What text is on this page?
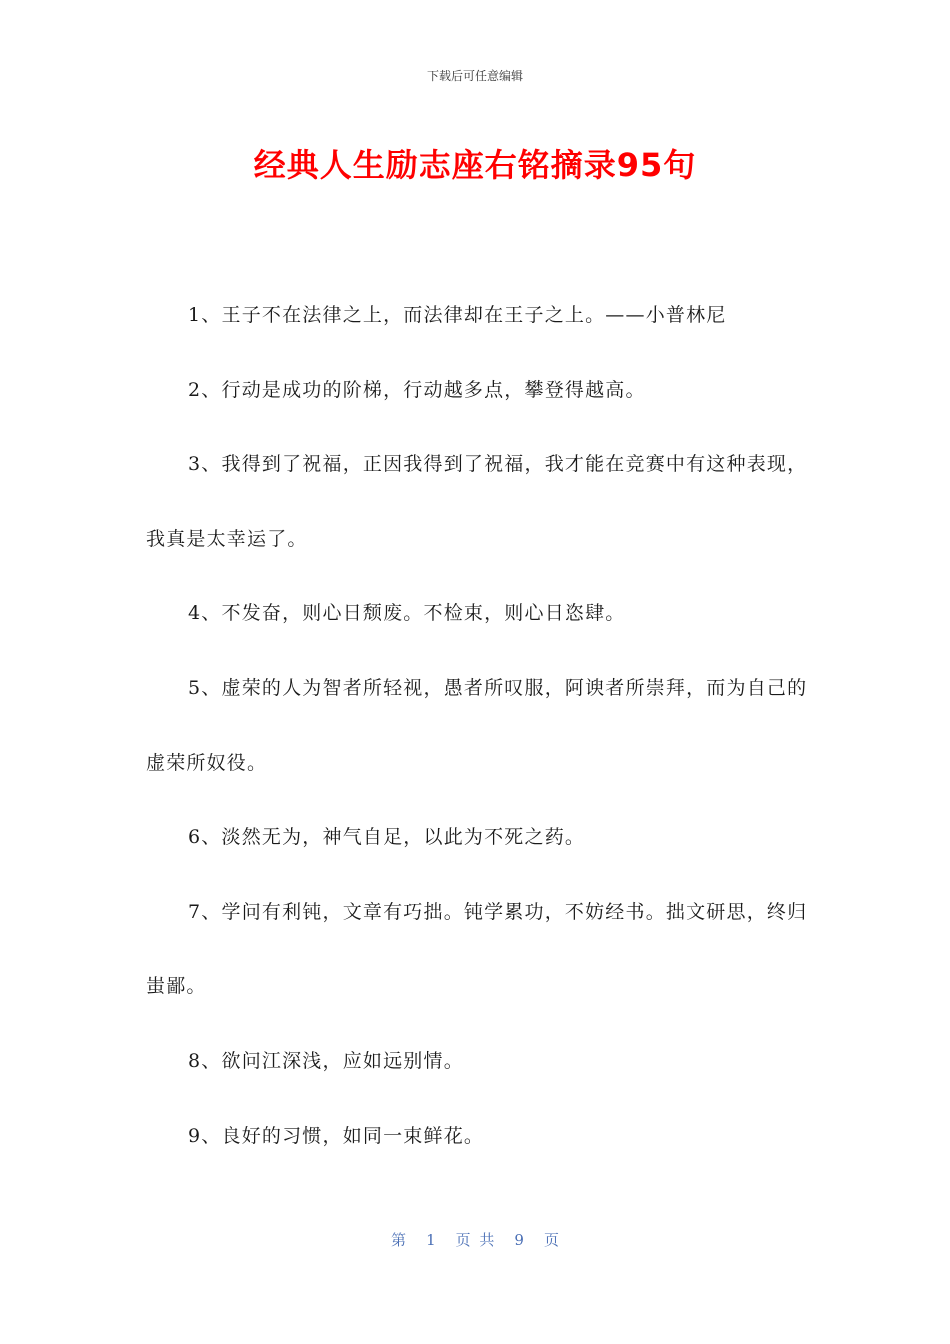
下载后可任意编辑
经典人生励志座右铭摘录95句

1、王子不在法律之上，而法律却在王子之上。——小普林尼

2、行动是成功的阶梯，行动越多点，攀登得越高。

3、我得到了祝福，正因我得到了祝福，我才能在竞赛中有这种表现，我真是太幸运了。

4、不发奋，则心日颓废。不检束，则心日恣肆。

5、虚荣的人为智者所轻视，愚者所叹服，阿谀者所崇拜，而为自己的虚荣所奴役。

6、淡然无为，神气自足，以此为不死之药。

7、学问有利钝，文章有巧拙。钝学累功，不妨经书。拙文研思，终归蚩鄙。

8、欲问江深浅，应如远别情。

9、良好的习惯，如同一束鲜花。

第 1 页 共 9 页
